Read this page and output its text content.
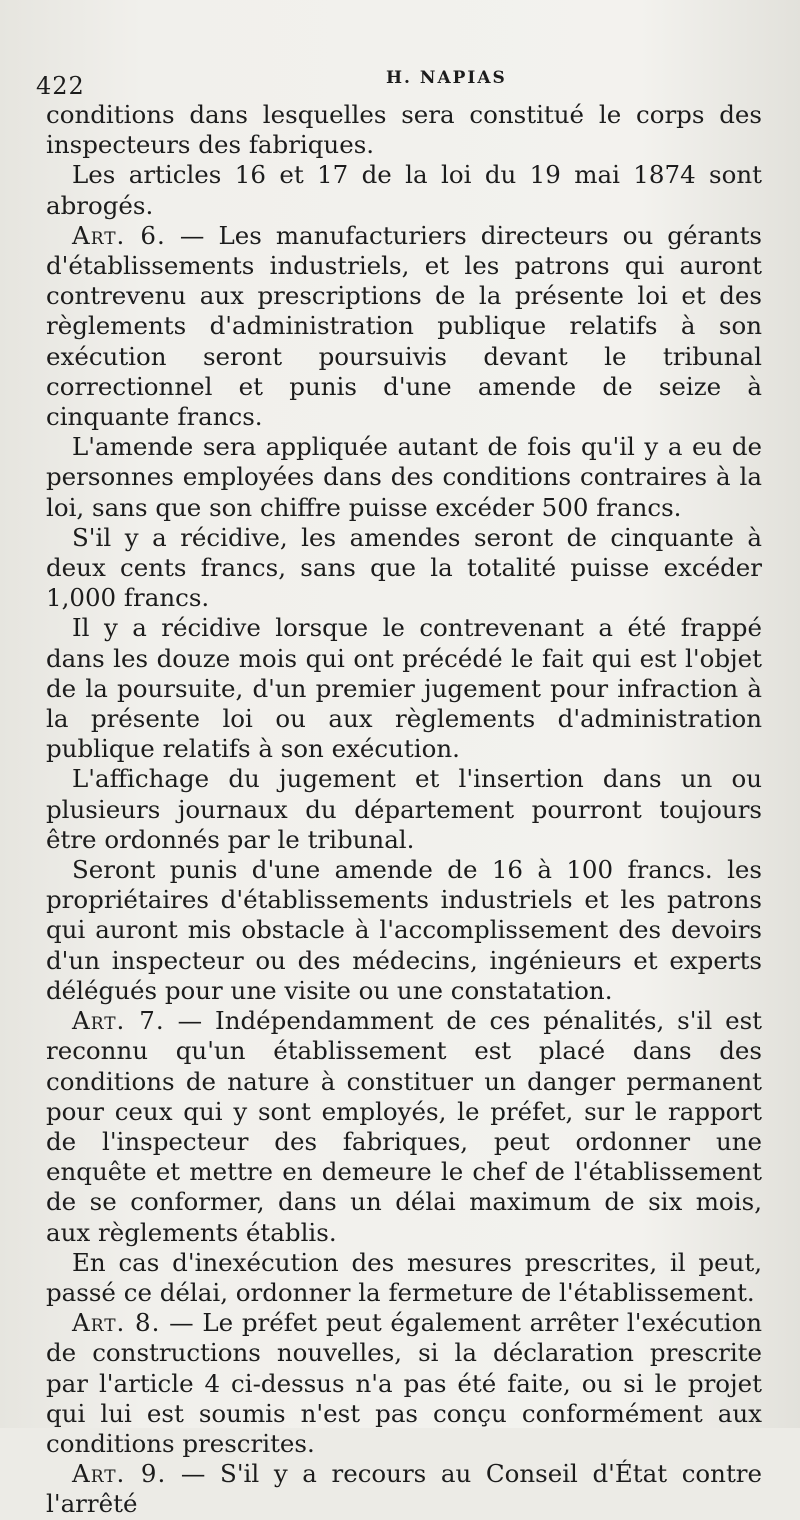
422	H. NAPIAS

conditions dans lesquelles sera constitué le corps des inspecteurs des fabriques.

Les articles 16 et 17 de la loi du 19 mai 1874 sont abrogés.

Art. 6. — Les manufacturiers directeurs ou gérants d'établissements industriels, et les patrons qui auront contrevenu aux prescriptions de la présente loi et des règlements d'administration publique relatifs à son exécution seront poursuivis devant le tribunal correctionnel et punis d'une amende de seize à cinquante francs.

L'amende sera appliquée autant de fois qu'il y a eu de personnes employées dans des conditions contraires à la loi, sans que son chiffre puisse excéder 500 francs.

S'il y a récidive, les amendes seront de cinquante à deux cents francs, sans que la totalité puisse excéder 1,000 francs.

Il y a récidive lorsque le contrevenant a été frappé dans les douze mois qui ont précédé le fait qui est l'objet de la poursuite, d'un premier jugement pour infraction à la présente loi ou aux règlements d'administration publique relatifs à son exécution.

L'affichage du jugement et l'insertion dans un ou plusieurs journaux du département pourront toujours être ordonnés par le tribunal.

Seront punis d'une amende de 16 à 100 francs. les propriétaires d'établissements industriels et les patrons qui auront mis obstacle à l'accomplissement des devoirs d'un inspecteur ou des médecins, ingénieurs et experts délégués pour une visite ou une constatation.

Art. 7. — Indépendamment de ces pénalités, s'il est reconnu qu'un établissement est placé dans des conditions de nature à constituer un danger permanent pour ceux qui y sont employés, le préfet, sur le rapport de l'inspecteur des fabriques, peut ordonner une enquête et mettre en demeure le chef de l'établissement de se conformer, dans un délai maximum de six mois, aux règlements établis.

En cas d'inexécution des mesures prescrites, il peut, passé ce délai, ordonner la fermeture de l'établissement.

Art. 8. — Le préfet peut également arrêter l'exécution de constructions nouvelles, si la déclaration prescrite par l'article 4 ci-dessus n'a pas été faite, ou si le projet qui lui est soumis n'est pas conçu conformément aux conditions prescrites.

Art. 9. — S'il y a recours au Conseil d'État contre l'arrêté
